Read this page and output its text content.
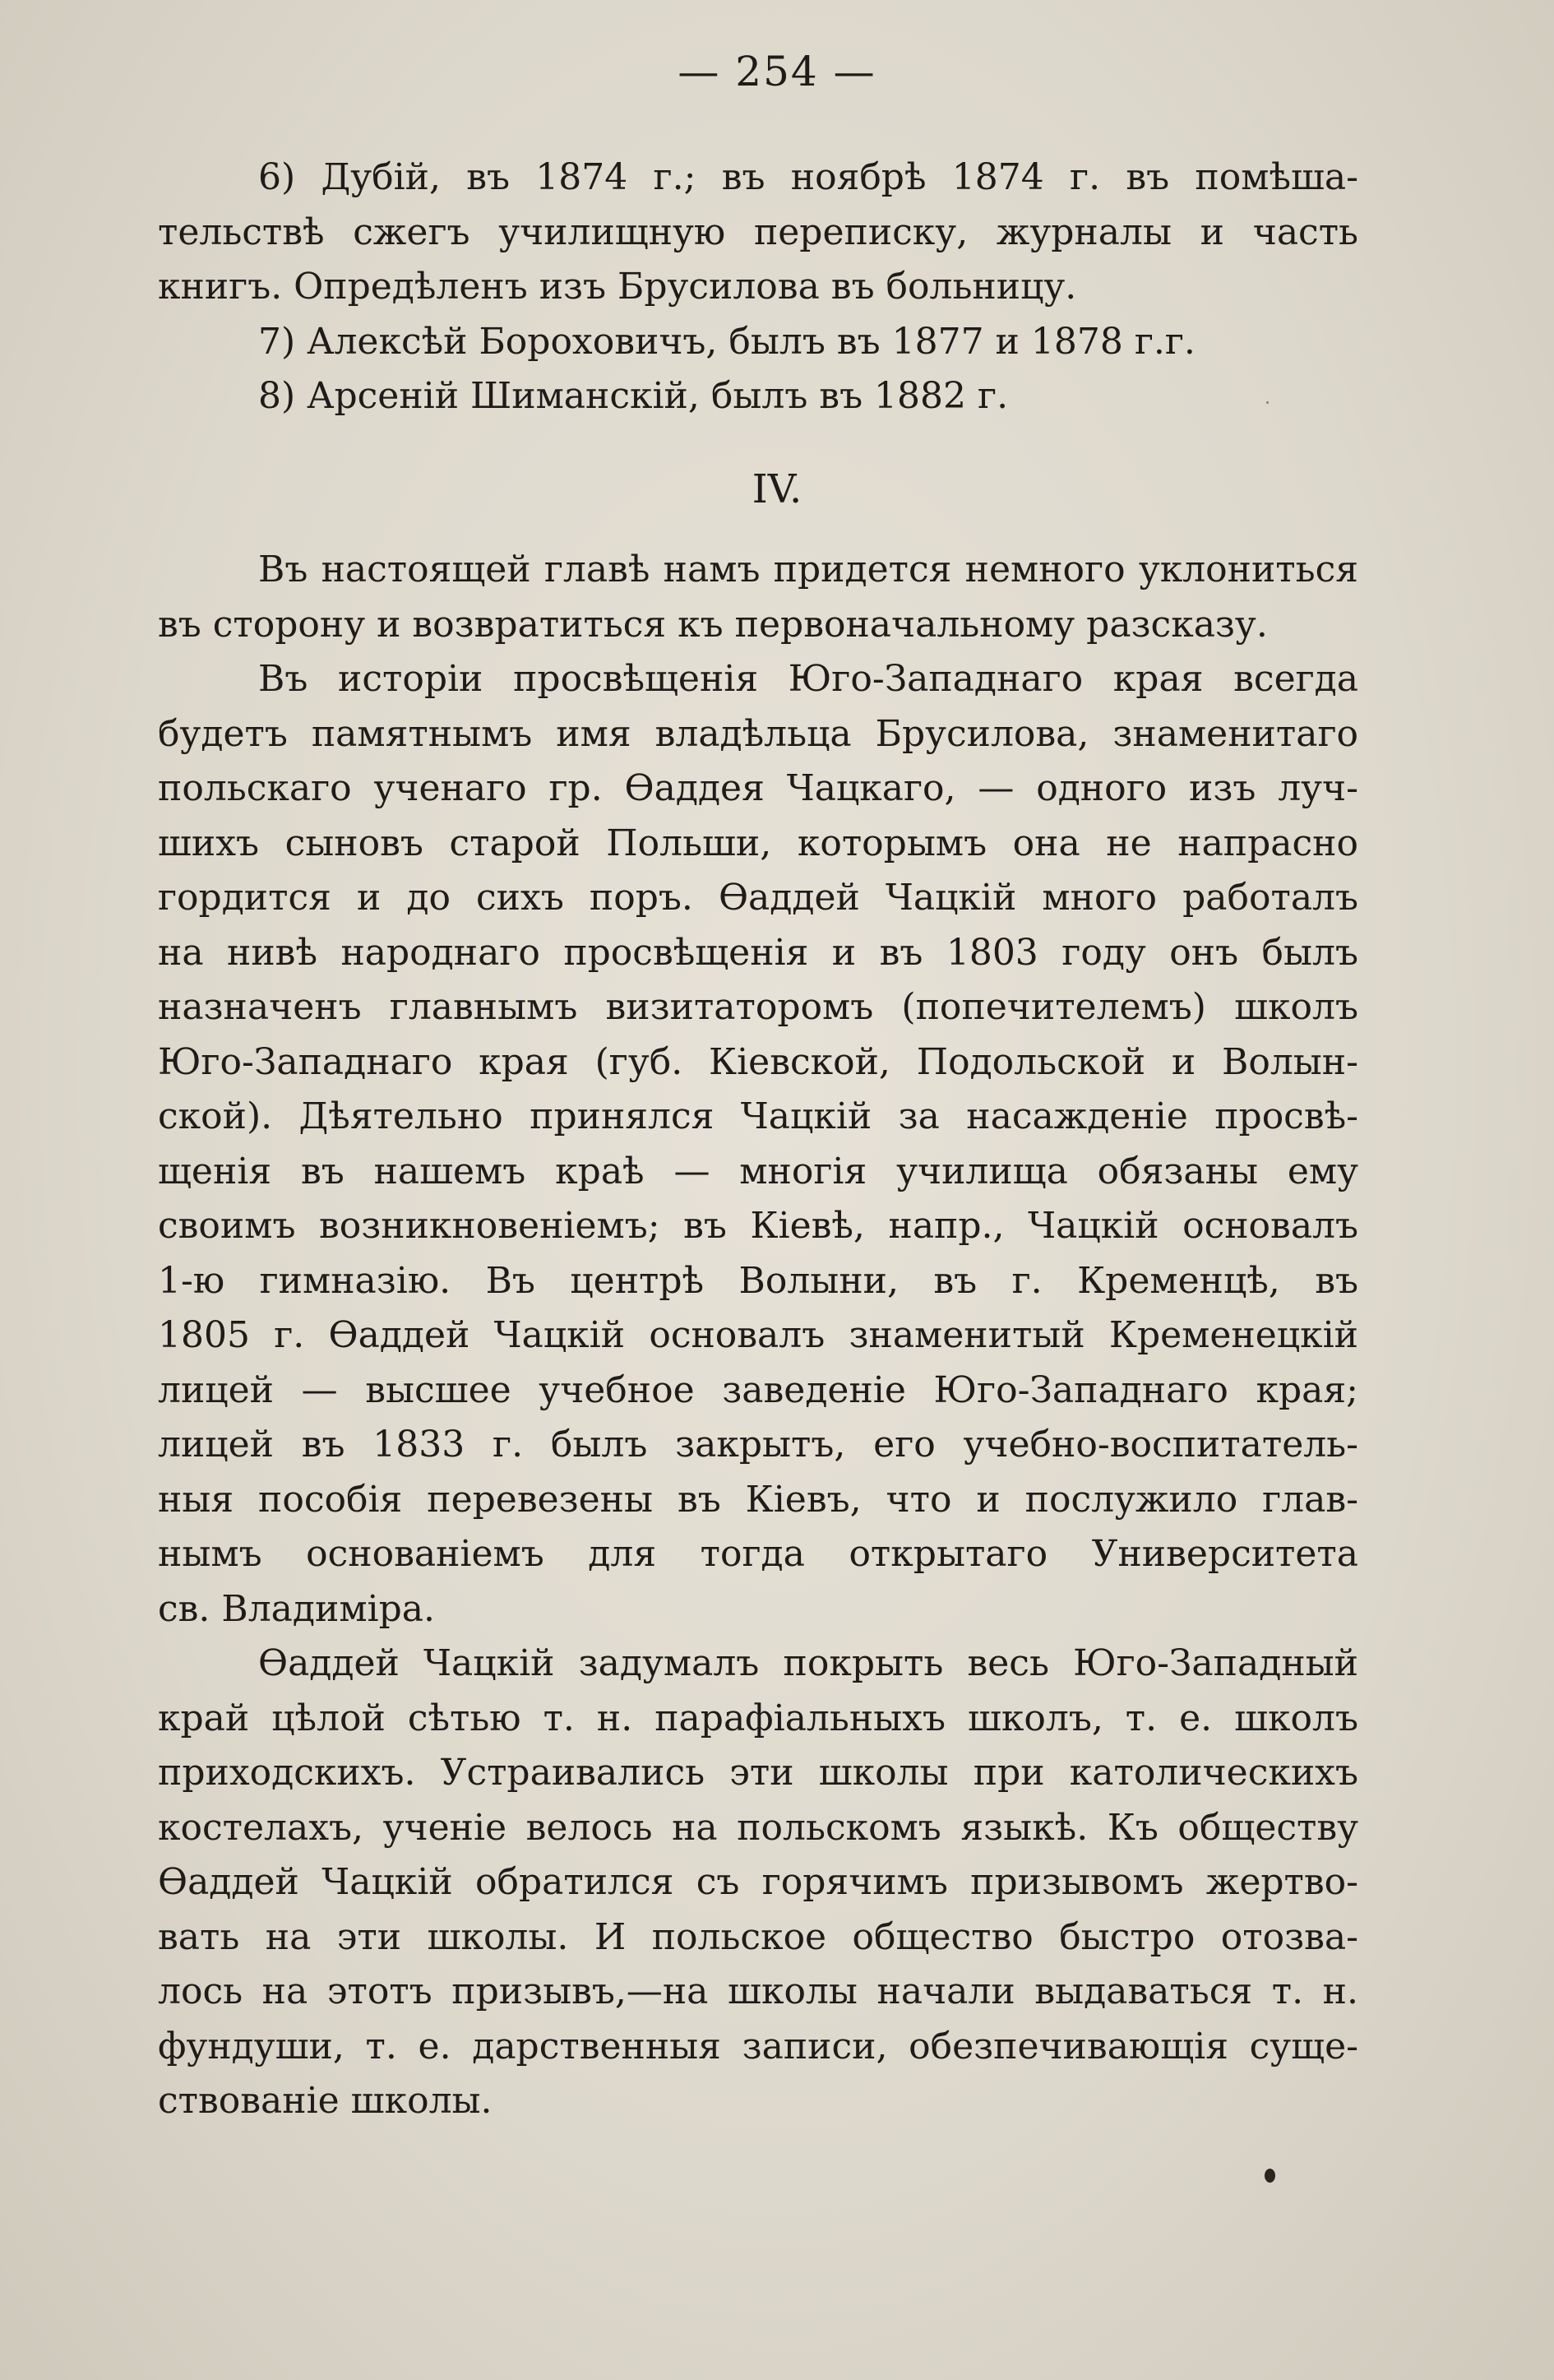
— 254 —
6) Дубій, въ 1874 г.; въ ноябрѣ 1874 г. въ помѣша-
тельствѣ сжегъ училищную переписку, журналы и часть
книгъ. Опредѣленъ изъ Брусилова въ больницу.
7) Алексѣй Бороховичъ, былъ въ 1877 и 1878 г.г.
8) Арсеній Шиманскій, былъ въ 1882 г.
IV.
Въ настоящей главѣ намъ придется немного уклониться
въ сторону и возвратиться къ первоначальному разсказу.
Въ исторіи просвѣщенія Юго-Западнаго края всегда
будетъ памятнымъ имя владѣльца Брусилова, знаменитаго
польскаго ученаго гр. Ѳаддея Чацкаго, — одного изъ луч-
шихъ сыновъ старой Польши, которымъ она не напрасно
гордится и до сихъ поръ. Ѳаддей Чацкій много работалъ
на нивѣ народнаго просвѣщенія и въ 1803 году онъ былъ
назначенъ главнымъ визитаторомъ (попечителемъ) школъ
Юго-Западнаго края (губ. Кіевской, Подольской и Волын-
ской). Дѣятельно принялся Чацкій за насажденіе просвѣ-
щенія въ нашемъ краѣ — многія училища обязаны ему
своимъ возникновеніемъ; въ Кіевѣ, напр., Чацкій основалъ
1-ю гимназію. Въ центрѣ Волыни, въ г. Кременцѣ, въ
1805 г. Ѳаддей Чацкій основалъ знаменитый Кременецкій
лицей — высшее учебное заведеніе Юго-Западнаго края;
лицей въ 1833 г. былъ закрытъ, его учебно-воспитатель-
ныя пособія перевезены въ Кіевъ, что и послужило глав-
нымъ основаніемъ для тогда открытаго Университета
св. Владиміра.
Ѳаддей Чацкій задумалъ покрыть весь Юго-Западный
край цѣлой сѣтью т. н. парафіальныхъ школъ, т. е. школъ
приходскихъ. Устраивались эти школы при католическихъ
костелахъ, ученіе велось на польскомъ языкѣ. Къ обществу
Ѳаддей Чацкій обратился съ горячимъ призывомъ жертво-
вать на эти школы. И польское общество быстро отозва-
лось на этотъ призывъ,—на школы начали выдаваться т. н.
фундуши, т. е. дарственныя записи, обезпечивающія суще-
ствованіе школы.
